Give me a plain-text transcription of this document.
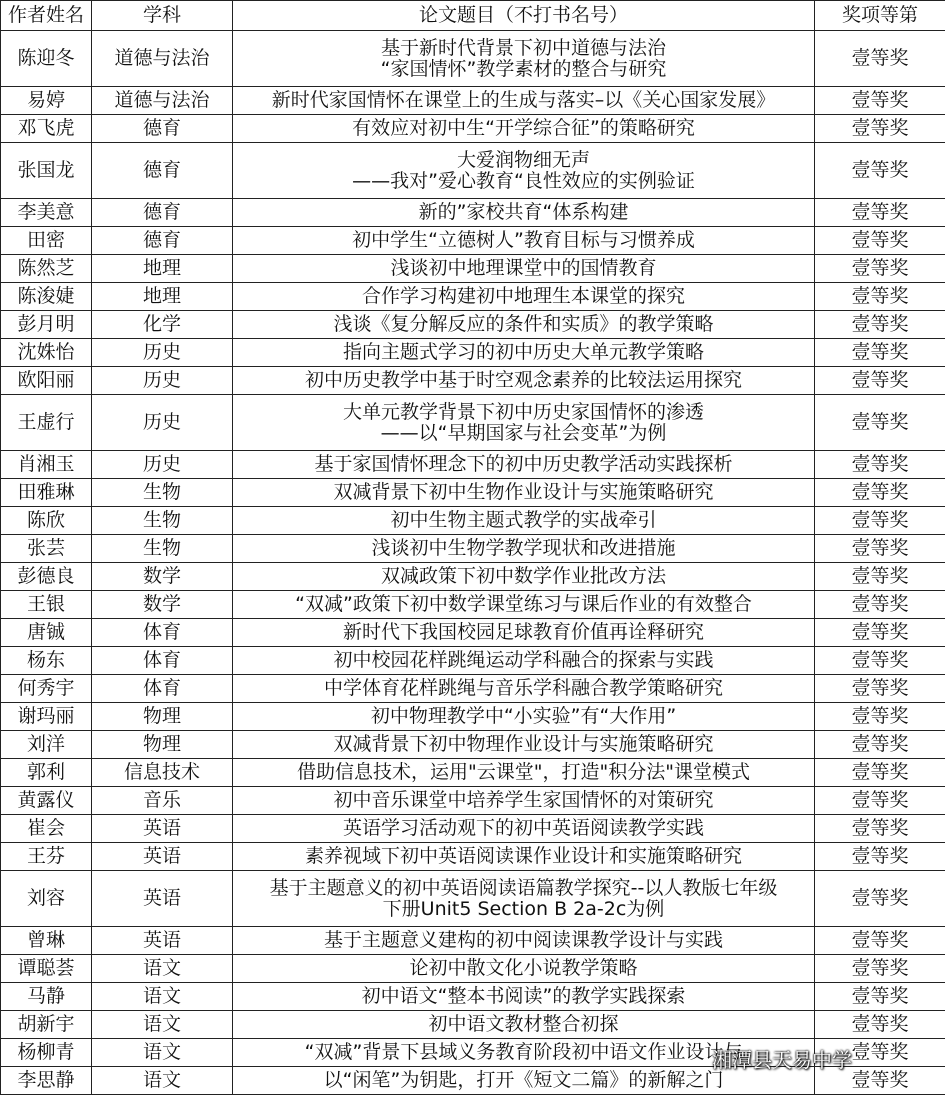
作者姓名	学科	论文题目（不打书名号）	奖项等第
陈迎冬	道德与法治	基于新时代背景下初中道德与法治
“家国情怀”教学素材的整合与研究	壹等奖
易婷	道德与法治	新时代家国情怀在课堂上的生成与落实–以《关心国家发展》	壹等奖
邓飞虎	德育	有效应对初中生“开学综合征”的策略研究	壹等奖
张国龙	德育	大爱润物细无声
——我对”爱心教育“良性效应的实例验证	壹等奖
李美意	德育	新的”家校共育“体系构建	壹等奖
田密	德育	初中学生“立德树人”教育目标与习惯养成	壹等奖
陈然芝	地理	浅谈初中地理课堂中的国情教育	壹等奖
陈浚婕	地理	合作学习构建初中地理生本课堂的探究	壹等奖
彭月明	化学	浅谈《复分解反应的条件和实质》的教学策略	壹等奖
沈姝怡	历史	指向主题式学习的初中历史大单元教学策略	壹等奖
欧阳丽	历史	初中历史教学中基于时空观念素养的比较法运用探究	壹等奖
王虚行	历史	大单元教学背景下初中历史家国情怀的渗透
——以“早期国家与社会变革”为例	壹等奖
肖湘玉	历史	基于家国情怀理念下的初中历史教学活动实践探析	壹等奖
田雅琳	生物	双减背景下初中生物作业设计与实施策略研究	壹等奖
陈欣	生物	初中生物主题式教学的实战牵引	壹等奖
张芸	生物	浅谈初中生物学教学现状和改进措施	壹等奖
彭德良	数学	双减政策下初中数学作业批改方法	壹等奖
王银	数学	“双减”政策下初中数学课堂练习与课后作业的有效整合	壹等奖
唐铖	体育	新时代下我国校园足球教育价值再诠释研究	壹等奖
杨东	体育	初中校园花样跳绳运动学科融合的探索与实践	壹等奖
何秀宇	体育	中学体育花样跳绳与音乐学科融合教学策略研究	壹等奖
谢玛丽	物理	初中物理教学中“小实验”有“大作用”	壹等奖
刘洋	物理	双减背景下初中物理作业设计与实施策略研究	壹等奖
郭利	信息技术	借助信息技术，运用"云课堂"，打造"积分法"课堂模式	壹等奖
黄露仪	音乐	初中音乐课堂中培养学生家国情怀的对策研究	壹等奖
崔会	英语	英语学习活动观下的初中英语阅读教学实践	壹等奖
王芬	英语	素养视域下初中英语阅读课作业设计和实施策略研究	壹等奖
刘容	英语	基于主题意义的初中英语阅读语篇教学探究--以人教版七年级
下册Unit5 Section B 2a-2c为例	壹等奖
曾琳	英语	基于主题意义建构的初中阅读课教学设计与实践	壹等奖
谭聪荟	语文	论初中散文化小说教学策略	壹等奖
马静	语文	初中语文“整本书阅读”的教学实践探索	壹等奖
胡新宇	语文	初中语文教材整合初探	壹等奖
杨柳青	语文	“双减”背景下县域义务教育阶段初中语文作业设计与	壹等奖
李思静	语文	以“闲笔”为钥匙，打开《短文二篇》的新解之门	壹等奖
湘潭县天易中学
